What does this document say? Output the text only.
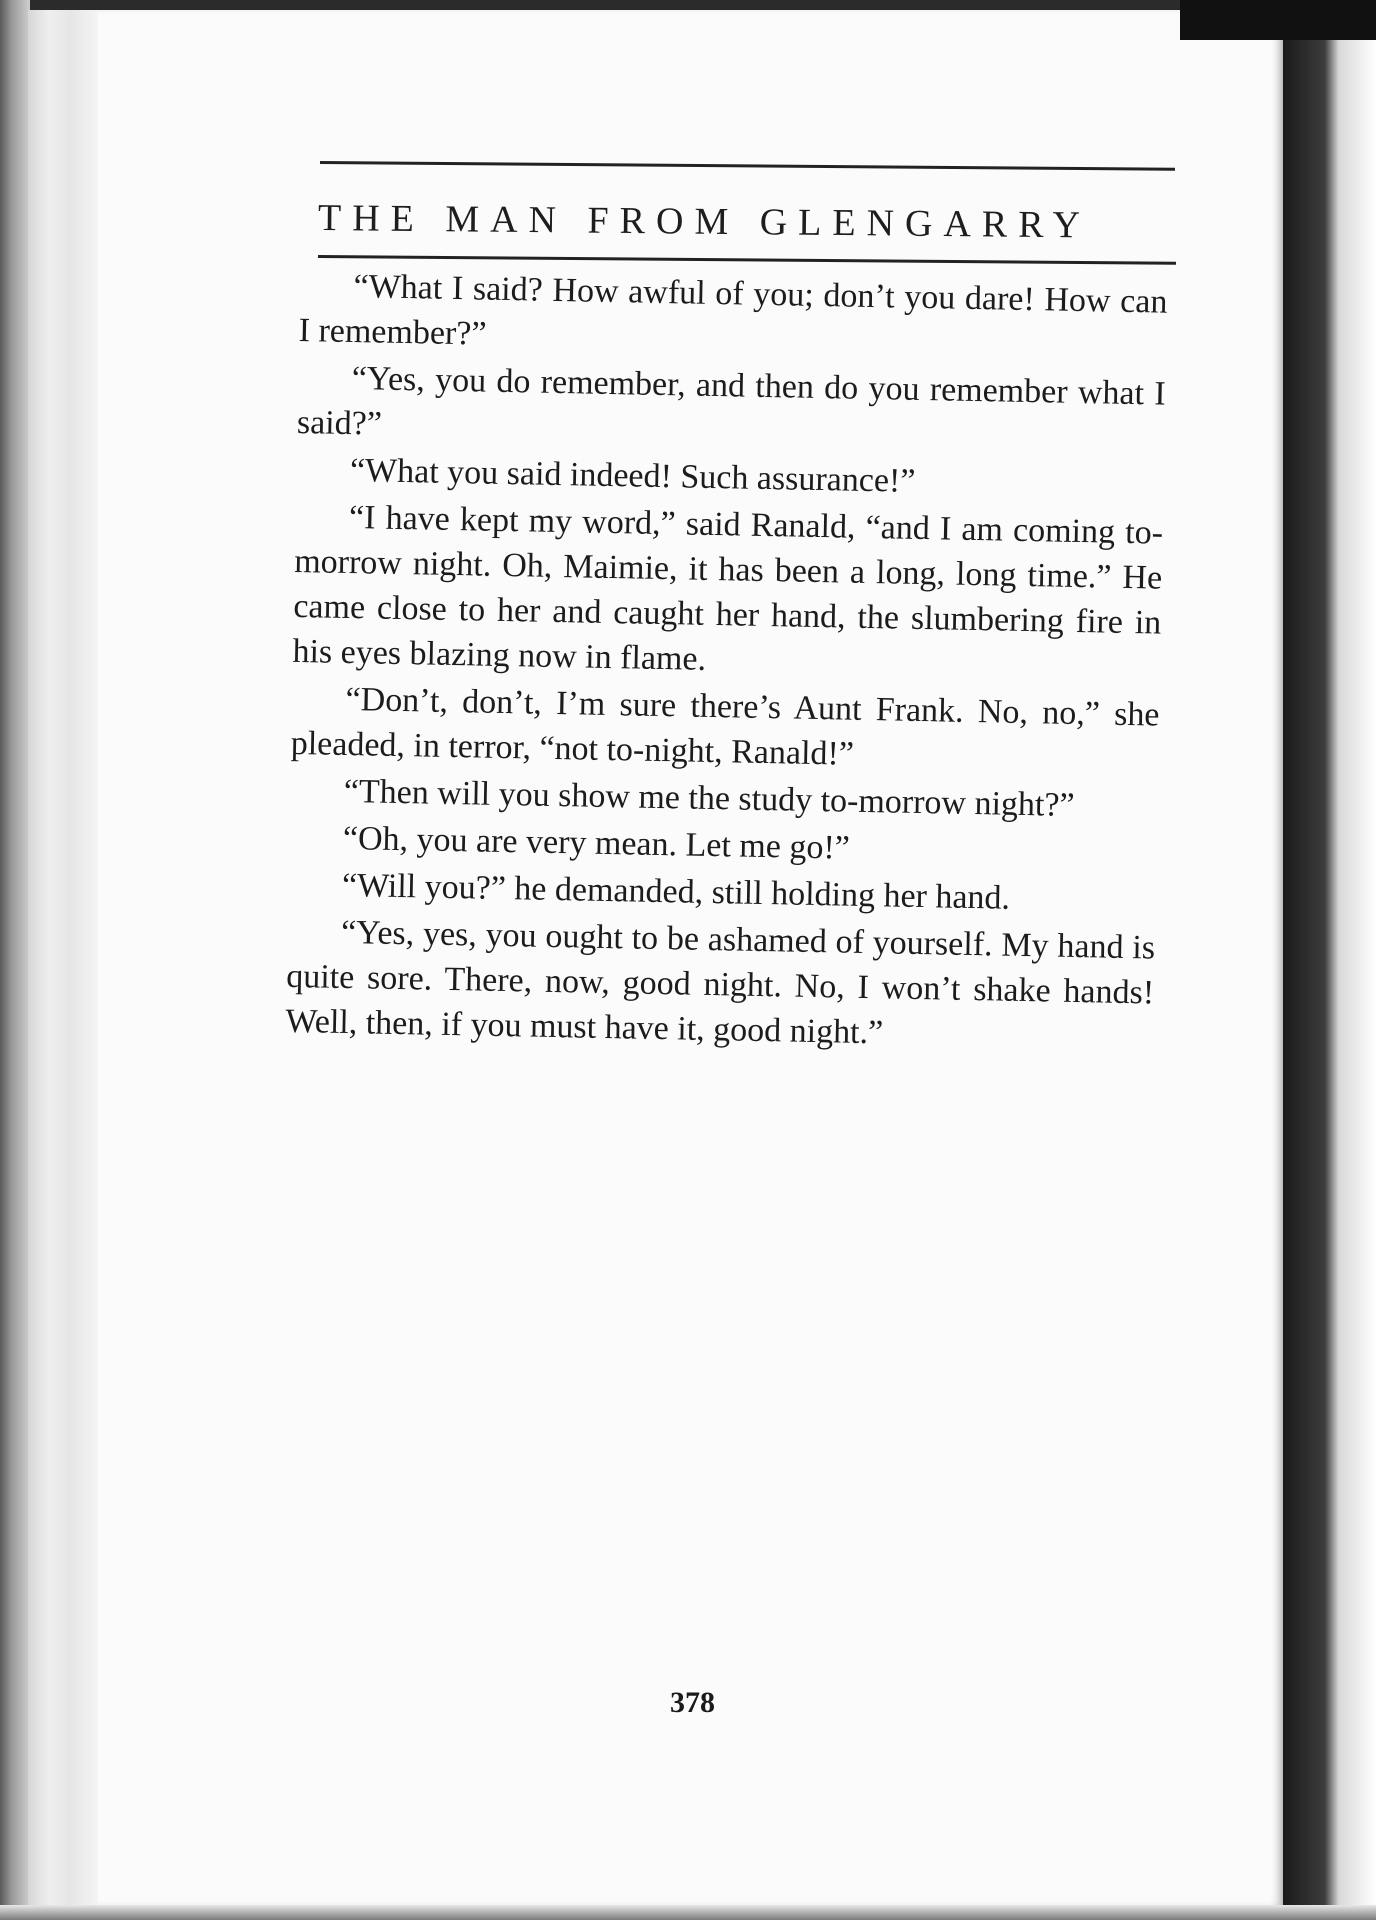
THE MAN FROM GLENGARRY

“What I said? How awful of you; don’t you dare! How can I remember?”

“Yes, you do remember, and then do you remember what I said?”

“What you said indeed! Such assurance!”

“I have kept my word,” said Ranald, “and I am coming to-morrow night. Oh, Maimie, it has been a long, long time.” He came close to her and caught her hand, the slumbering fire in his eyes blazing now in flame.

“Don’t, don’t, I’m sure there’s Aunt Frank. No, no,” she pleaded, in terror, “not to-night, Ranald!”

“Then will you show me the study to-morrow night?”

“Oh, you are very mean. Let me go!”

“Will you?” he demanded, still holding her hand.

“Yes, yes, you ought to be ashamed of yourself. My hand is quite sore. There, now, good night. No, I won’t shake hands! Well, then, if you must have it, good night.”

378
